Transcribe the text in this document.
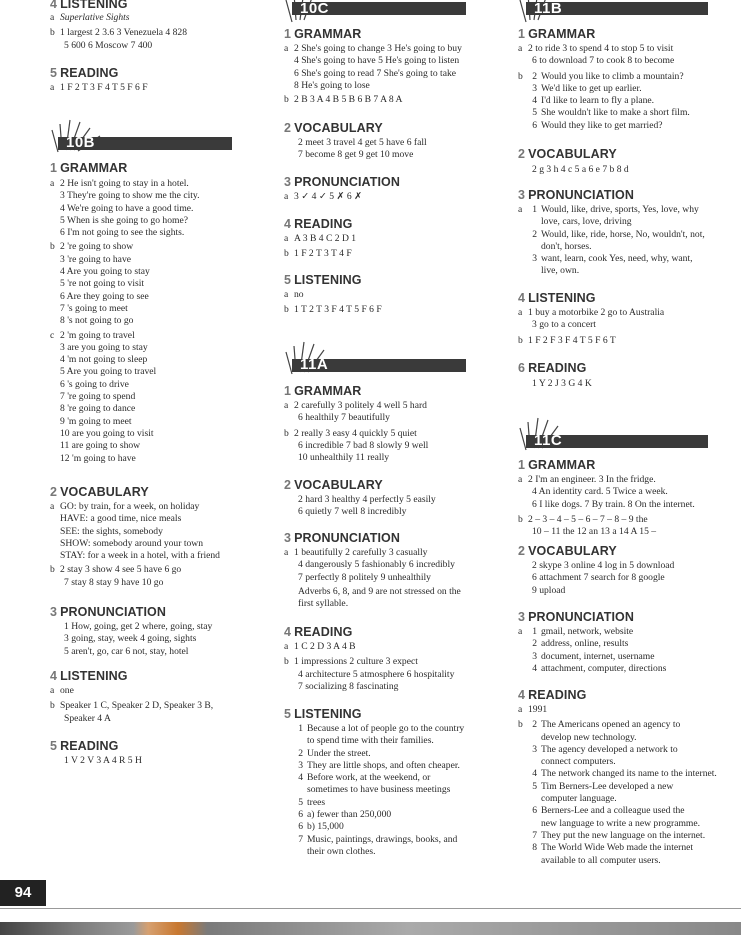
4 LISTENING
a Superlative Sights
b 1 largest 2 3.6 3 Venezuela 4 828
5 600 6 Moscow 7 400
5 READING
a 1 F 2 T 3 F 4 T 5 F 6 F
10B
1 GRAMMAR
a 2 He isn't going to stay in a hotel.
3 They're going to show me the city.
4 We're going to have a good time.
5 When is she going to go home?
6 I'm not going to see the sights.
b 2 're going to show
3 're going to have
4 Are you going to stay
5 're not going to visit
6 Are they going to see
7 's going to meet
8 's not going to go
c 2 'm going to travel
3 are you going to stay
4 'm not going to sleep
5 Are you going to travel
6 's going to drive
7 're going to spend
8 're going to dance
9 'm going to meet
10 are you going to visit
11 are going to show
12 'm going to have
2 VOCABULARY
a GO: by train, for a week, on holiday
HAVE: a good time, nice meals
SEE: the sights, somebody
SHOW: somebody around your town
STAY: for a week in a hotel, with a friend
b 2 stay 3 show 4 see 5 have 6 go
7 stay 8 stay 9 have 10 go
3 PRONUNCIATION
1 How, going, get 2 where, going, stay
3 going, stay, week 4 going, sights
5 aren't, go, car 6 not, stay, hotel
4 LISTENING
a one
b Speaker 1 C, Speaker 2 D, Speaker 3 B,
Speaker 4 A
5 READING
1 V 2 V 3 A 4 R 5 H
10C
1 GRAMMAR
a 2 She's going to change 3 He's going to buy
4 She's going to have 5 He's going to listen
6 She's going to read 7 She's going to take
8 He's going to lose
b 2 B 3 A 4 B 5 B 6 B 7 A 8 A
2 VOCABULARY
2 meet 3 travel 4 get 5 have 6 fall
7 become 8 get 9 get 10 move
3 PRONUNCIATION
a 3 ✓ 4 ✓ 5 ✗ 6 ✗
4 READING
a A 3 B 4 C 2 D 1
b 1 F 2 T 3 T 4 F
5 LISTENING
a no
b 1 T 2 T 3 F 4 T 5 F 6 F
11A
1 GRAMMAR
a 2 carefully 3 politely 4 well 5 hard
6 healthily 7 beautifully
b 2 really 3 easy 4 quickly 5 quiet
6 incredible 7 bad 8 slowly 9 well
10 unhealthily 11 really
2 VOCABULARY
2 hard 3 healthy 4 perfectly 5 easily
6 quietly 7 well 8 incredibly
3 PRONUNCIATION
a 1 beautifully 2 carefully 3 casually
4 dangerously 5 fashionably 6 incredibly
7 perfectly 8 politely 9 unhealthily
Adverbs 6, 8, and 9 are not stressed on the
first syllable.
4 READING
a 1 C 2 D 3 A 4 B
b 1 impressions 2 culture 3 expect
4 architecture 5 atmosphere 6 hospitality
7 socializing 8 fascinating
5 LISTENING
1 Because a lot of people go to the country
to spend time with their families.
2 Under the street.
3 They are little shops, and often cheaper.
4 Before work, at the weekend, or
sometimes to have business meetings
5 trees
6 a) fewer than 250,000
6 b) 15,000
7 Music, paintings, drawings, books, and
their own clothes.
11B
1 GRAMMAR
a 2 to ride 3 to spend 4 to stop 5 to visit
6 to download 7 to cook 8 to become
b 2 Would you like to climb a mountain?
3 We'd like to get up earlier.
4 I'd like to learn to fly a plane.
5 She wouldn't like to make a short film.
6 Would they like to get married?
2 VOCABULARY
2 g 3 h 4 c 5 a 6 e 7 b 8 d
3 PRONUNCIATION
a 1 Would, like, drive, sports, Yes, love, why
love, cars, love, driving
2 Would, like, ride, horse, No, wouldn't, not,
don't, horses.
3 want, learn, cook Yes, need, why, want,
live, own.
4 LISTENING
a 1 buy a motorbike 2 go to Australia
3 go to a concert
b 1 F 2 F 3 F 4 T 5 F 6 T
6 READING
1 Y 2 J 3 G 4 K
11C
1 GRAMMAR
a 2 I'm an engineer. 3 In the fridge.
4 An identity card. 5 Twice a week.
6 I like dogs. 7 By train. 8 On the internet.
b 2 – 3 – 4 – 5 – 6 – 7 – 8 – 9 the
10 – 11 the 12 an 13 a 14 A 15 –
2 VOCABULARY
2 skype 3 online 4 log in 5 download
6 attachment 7 search for 8 google
9 upload
3 PRONUNCIATION
a 1 gmail, network, website
2 address, online, results
3 document, internet, username
4 attachment, computer, directions
4 READING
a 1991
b 2 The Americans opened an agency to
develop new technology.
3 The agency developed a network to
connect computers.
4 The network changed its name to the internet.
5 Tim Berners-Lee developed a new
computer language.
6 Berners-Lee and a colleague used the
new language to write a new programme.
7 They put the new language on the internet.
8 The World Wide Web made the internet
available to all computer users.
94
